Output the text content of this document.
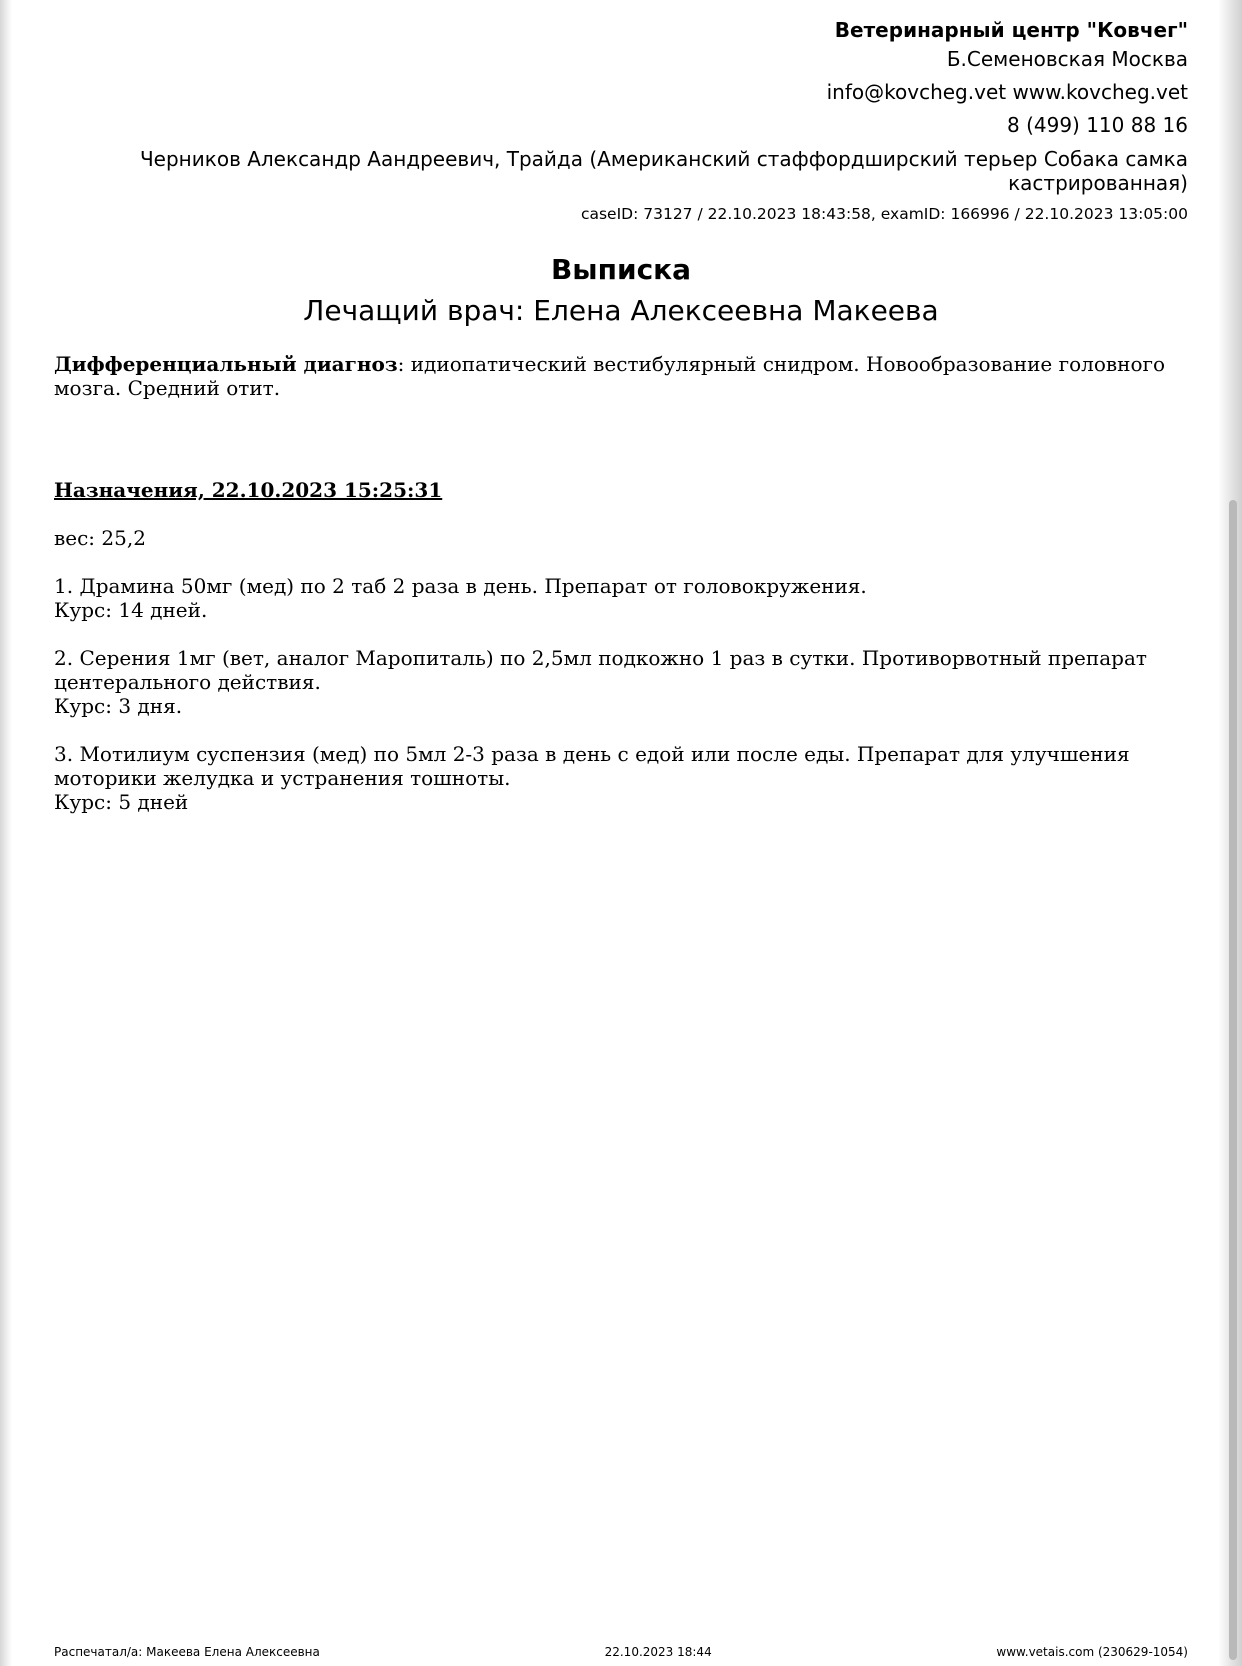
Ветеринарный центр "Ковчег"
Б.Семеновская Москва
info@kovcheg.vet www.kovcheg.vet
8 (499) 110 88 16
Черников Александр Аандреевич, Трайда (Американский стаффордширский терьер Собака самка
кастрированная)
caseID: 73127 / 22.10.2023 18:43:58, examID: 166996 / 22.10.2023 13:05:00
Выписка
Лечащий врач: Елена Алексеевна Макеева
Дифференциальный диагноз: идиопатический вестибулярный снидром. Новообразование головного мозга. Средний отит.
Назначения, 22.10.2023 15:25:31
вес: 25,2
1. Драмина 50мг (мед) по 2 таб 2 раза в день. Препарат от головокружения.
Курс: 14 дней.
2. Серения 1мг (вет, аналог Маропиталь) по 2,5мл подкожно 1 раз в сутки. Противорвотный препарат центерального действия.
Курс: 3 дня.
3. Мотилиум суспензия (мед) по 5мл 2-3 раза в день с едой или после еды. Препарат для улучшения моторики желудка и устранения тошноты.
Курс: 5 дней
Распечатал/а: Макеева Елена Алексеевна	22.10.2023 18:44	www.vetais.com (230629-1054)
